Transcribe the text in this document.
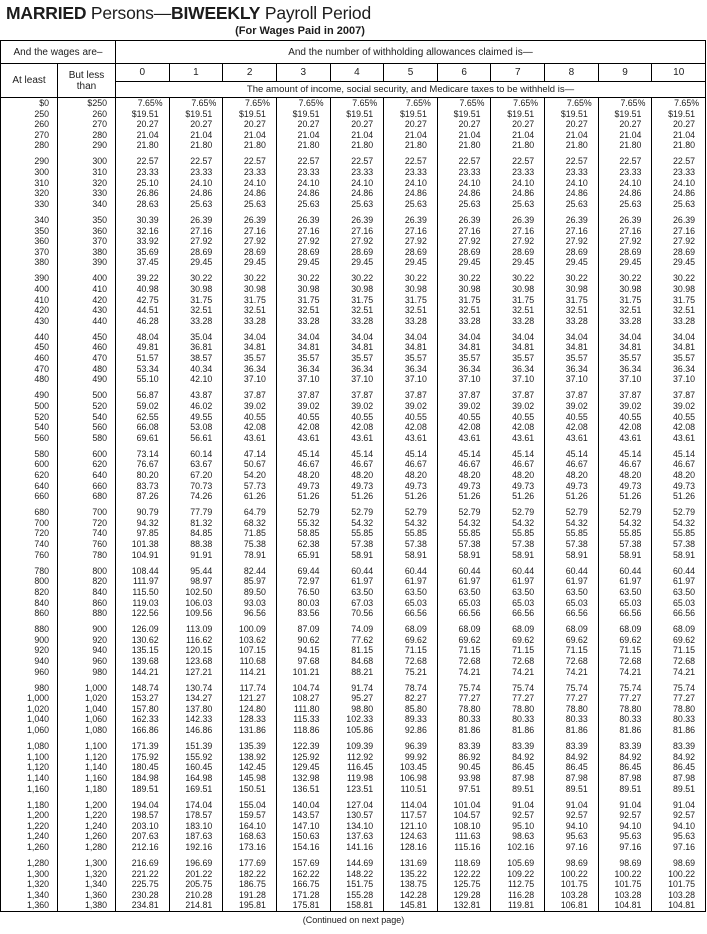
MARRIED Persons—BIWEEKLY Payroll Period
(For Wages Paid in 2007)
And the wages are–	And the number of withholding allowances claimed is—
At least	But less than
0	1	2	3	4	5	6	7	8	9	10
The amount of income, social security, and Medicare taxes to be withheld is—
$0	$250	7.65%	7.65%	7.65%	7.65%	7.65%	7.65%	7.65%	7.65%	7.65%	7.65%	7.65%
250	260	$19.51	$19.51	$19.51	$19.51	$19.51	$19.51	$19.51	$19.51	$19.51	$19.51	$19.51
260	270	20.27	20.27	20.27	20.27	20.27	20.27	20.27	20.27	20.27	20.27	20.27
270	280	21.04	21.04	21.04	21.04	21.04	21.04	21.04	21.04	21.04	21.04	21.04
280	290	21.80	21.80	21.80	21.80	21.80	21.80	21.80	21.80	21.80	21.80	21.80
290	300	22.57	22.57	22.57	22.57	22.57	22.57	22.57	22.57	22.57	22.57	22.57
300	310	23.33	23.33	23.33	23.33	23.33	23.33	23.33	23.33	23.33	23.33	23.33
310	320	25.10	24.10	24.10	24.10	24.10	24.10	24.10	24.10	24.10	24.10	24.10
320	330	26.86	24.86	24.86	24.86	24.86	24.86	24.86	24.86	24.86	24.86	24.86
330	340	28.63	25.63	25.63	25.63	25.63	25.63	25.63	25.63	25.63	25.63	25.63
340	350	30.39	26.39	26.39	26.39	26.39	26.39	26.39	26.39	26.39	26.39	26.39
350	360	32.16	27.16	27.16	27.16	27.16	27.16	27.16	27.16	27.16	27.16	27.16
360	370	33.92	27.92	27.92	27.92	27.92	27.92	27.92	27.92	27.92	27.92	27.92
370	380	35.69	28.69	28.69	28.69	28.69	28.69	28.69	28.69	28.69	28.69	28.69
380	390	37.45	29.45	29.45	29.45	29.45	29.45	29.45	29.45	29.45	29.45	29.45
390	400	39.22	30.22	30.22	30.22	30.22	30.22	30.22	30.22	30.22	30.22	30.22
400	410	40.98	30.98	30.98	30.98	30.98	30.98	30.98	30.98	30.98	30.98	30.98
410	420	42.75	31.75	31.75	31.75	31.75	31.75	31.75	31.75	31.75	31.75	31.75
420	430	44.51	32.51	32.51	32.51	32.51	32.51	32.51	32.51	32.51	32.51	32.51
430	440	46.28	33.28	33.28	33.28	33.28	33.28	33.28	33.28	33.28	33.28	33.28
440	450	48.04	35.04	34.04	34.04	34.04	34.04	34.04	34.04	34.04	34.04	34.04
450	460	49.81	36.81	34.81	34.81	34.81	34.81	34.81	34.81	34.81	34.81	34.81
460	470	51.57	38.57	35.57	35.57	35.57	35.57	35.57	35.57	35.57	35.57	35.57
470	480	53.34	40.34	36.34	36.34	36.34	36.34	36.34	36.34	36.34	36.34	36.34
480	490	55.10	42.10	37.10	37.10	37.10	37.10	37.10	37.10	37.10	37.10	37.10
490	500	56.87	43.87	37.87	37.87	37.87	37.87	37.87	37.87	37.87	37.87	37.87
500	520	59.02	46.02	39.02	39.02	39.02	39.02	39.02	39.02	39.02	39.02	39.02
520	540	62.55	49.55	40.55	40.55	40.55	40.55	40.55	40.55	40.55	40.55	40.55
540	560	66.08	53.08	42.08	42.08	42.08	42.08	42.08	42.08	42.08	42.08	42.08
560	580	69.61	56.61	43.61	43.61	43.61	43.61	43.61	43.61	43.61	43.61	43.61
580	600	73.14	60.14	47.14	45.14	45.14	45.14	45.14	45.14	45.14	45.14	45.14
600	620	76.67	63.67	50.67	46.67	46.67	46.67	46.67	46.67	46.67	46.67	46.67
620	640	80.20	67.20	54.20	48.20	48.20	48.20	48.20	48.20	48.20	48.20	48.20
640	660	83.73	70.73	57.73	49.73	49.73	49.73	49.73	49.73	49.73	49.73	49.73
660	680	87.26	74.26	61.26	51.26	51.26	51.26	51.26	51.26	51.26	51.26	51.26
680	700	90.79	77.79	64.79	52.79	52.79	52.79	52.79	52.79	52.79	52.79	52.79
700	720	94.32	81.32	68.32	55.32	54.32	54.32	54.32	54.32	54.32	54.32	54.32
720	740	97.85	84.85	71.85	58.85	55.85	55.85	55.85	55.85	55.85	55.85	55.85
740	760	101.38	88.38	75.38	62.38	57.38	57.38	57.38	57.38	57.38	57.38	57.38
760	780	104.91	91.91	78.91	65.91	58.91	58.91	58.91	58.91	58.91	58.91	58.91
780	800	108.44	95.44	82.44	69.44	60.44	60.44	60.44	60.44	60.44	60.44	60.44
800	820	111.97	98.97	85.97	72.97	61.97	61.97	61.97	61.97	61.97	61.97	61.97
820	840	115.50	102.50	89.50	76.50	63.50	63.50	63.50	63.50	63.50	63.50	63.50
840	860	119.03	106.03	93.03	80.03	67.03	65.03	65.03	65.03	65.03	65.03	65.03
860	880	122.56	109.56	96.56	83.56	70.56	66.56	66.56	66.56	66.56	66.56	66.56
880	900	126.09	113.09	100.09	87.09	74.09	68.09	68.09	68.09	68.09	68.09	68.09
900	920	130.62	116.62	103.62	90.62	77.62	69.62	69.62	69.62	69.62	69.62	69.62
920	940	135.15	120.15	107.15	94.15	81.15	71.15	71.15	71.15	71.15	71.15	71.15
940	960	139.68	123.68	110.68	97.68	84.68	72.68	72.68	72.68	72.68	72.68	72.68
960	980	144.21	127.21	114.21	101.21	88.21	75.21	74.21	74.21	74.21	74.21	74.21
980	1,000	148.74	130.74	117.74	104.74	91.74	78.74	75.74	75.74	75.74	75.74	75.74
1,000	1,020	153.27	134.27	121.27	108.27	95.27	82.27	77.27	77.27	77.27	77.27	77.27
1,020	1,040	157.80	137.80	124.80	111.80	98.80	85.80	78.80	78.80	78.80	78.80	78.80
1,040	1,060	162.33	142.33	128.33	115.33	102.33	89.33	80.33	80.33	80.33	80.33	80.33
1,060	1,080	166.86	146.86	131.86	118.86	105.86	92.86	81.86	81.86	81.86	81.86	81.86
1,080	1,100	171.39	151.39	135.39	122.39	109.39	96.39	83.39	83.39	83.39	83.39	83.39
1,100	1,120	175.92	155.92	138.92	125.92	112.92	99.92	86.92	84.92	84.92	84.92	84.92
1,120	1,140	180.45	160.45	142.45	129.45	116.45	103.45	90.45	86.45	86.45	86.45	86.45
1,140	1,160	184.98	164.98	145.98	132.98	119.98	106.98	93.98	87.98	87.98	87.98	87.98
1,160	1,180	189.51	169.51	150.51	136.51	123.51	110.51	97.51	89.51	89.51	89.51	89.51
1,180	1,200	194.04	174.04	155.04	140.04	127.04	114.04	101.04	91.04	91.04	91.04	91.04
1,200	1,220	198.57	178.57	159.57	143.57	130.57	117.57	104.57	92.57	92.57	92.57	92.57
1,220	1,240	203.10	183.10	164.10	147.10	134.10	121.10	108.10	95.10	94.10	94.10	94.10
1,240	1,260	207.63	187.63	168.63	150.63	137.63	124.63	111.63	98.63	95.63	95.63	95.63
1,260	1,280	212.16	192.16	173.16	154.16	141.16	128.16	115.16	102.16	97.16	97.16	97.16
1,280	1,300	216.69	196.69	177.69	157.69	144.69	131.69	118.69	105.69	98.69	98.69	98.69
1,300	1,320	221.22	201.22	182.22	162.22	148.22	135.22	122.22	109.22	100.22	100.22	100.22
1,320	1,340	225.75	205.75	186.75	166.75	151.75	138.75	125.75	112.75	101.75	101.75	101.75
1,340	1,360	230.28	210.28	191.28	171.28	155.28	142.28	129.28	116.28	103.28	103.28	103.28
1,360	1,380	234.81	214.81	195.81	175.81	158.81	145.81	132.81	119.81	106.81	104.81	104.81
(Continued on next page)
